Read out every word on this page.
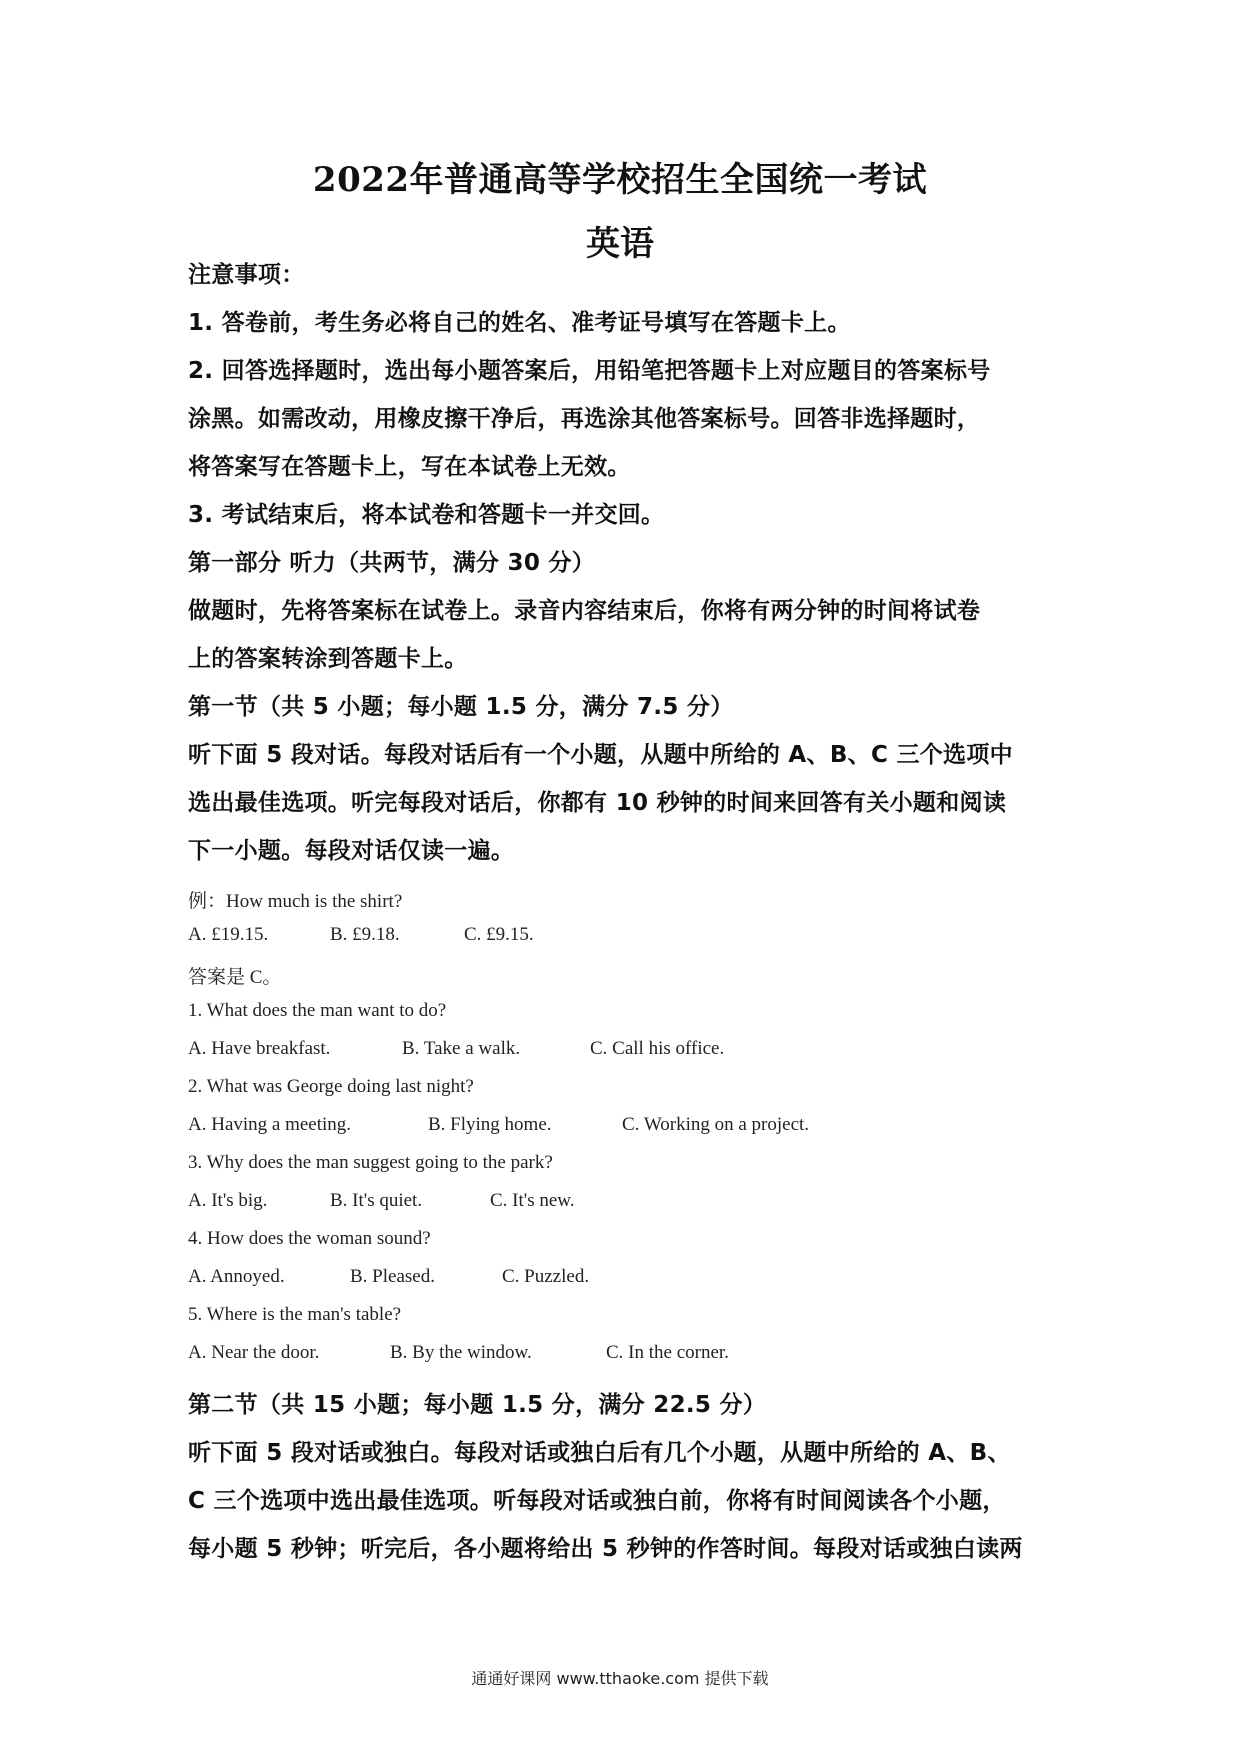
2022年普通高等学校招生全国统一考试
英语
注意事项：
1. 答卷前，考生务必将自己的姓名、准考证号填写在答题卡上。
2. 回答选择题时，选出每小题答案后，用铅笔把答题卡上对应题目的答案标号
涂黑。如需改动，用橡皮擦干净后，再选涂其他答案标号。回答非选择题时，
将答案写在答题卡上，写在本试卷上无效。
3. 考试结束后，将本试卷和答题卡一并交回。
第一部分 听力（共两节，满分 30 分）
做题时，先将答案标在试卷上。录音内容结束后，你将有两分钟的时间将试卷
上的答案转涂到答题卡上。
第一节（共 5 小题；每小题 1.5 分，满分 7.5 分）
听下面 5 段对话。每段对话后有一个小题，从题中所给的 A、B、C 三个选项中
选出最佳选项。听完每段对话后，你都有 10 秒钟的时间来回答有关小题和阅读
下一小题。每段对话仅读一遍。
例：How much is the shirt?
A. £19.15.	B. £9.18.	C. £9.15.
答案是 C。
1. What does the man want to do?
A. Have breakfast.	B. Take a walk.	C. Call his office.
2. What was George doing last night?
A. Having a meeting.	B. Flying home.	C. Working on a project.
3. Why does the man suggest going to the park?
A. It's big.	B. It's quiet.	C. It's new.
4. How does the woman sound?
A. Annoyed.	B. Pleased.	C. Puzzled.
5. Where is the man's table?
A. Near the door.	B. By the window.	C. In the corner.
第二节（共 15 小题；每小题 1.5 分，满分 22.5 分）
听下面 5 段对话或独白。每段对话或独白后有几个小题，从题中所给的 A、B、
C 三个选项中选出最佳选项。听每段对话或独白前，你将有时间阅读各个小题，
每小题 5 秒钟；听完后，各小题将给出 5 秒钟的作答时间。每段对话或独白读两
通通好课网 www.tthaoke.com 提供下载
